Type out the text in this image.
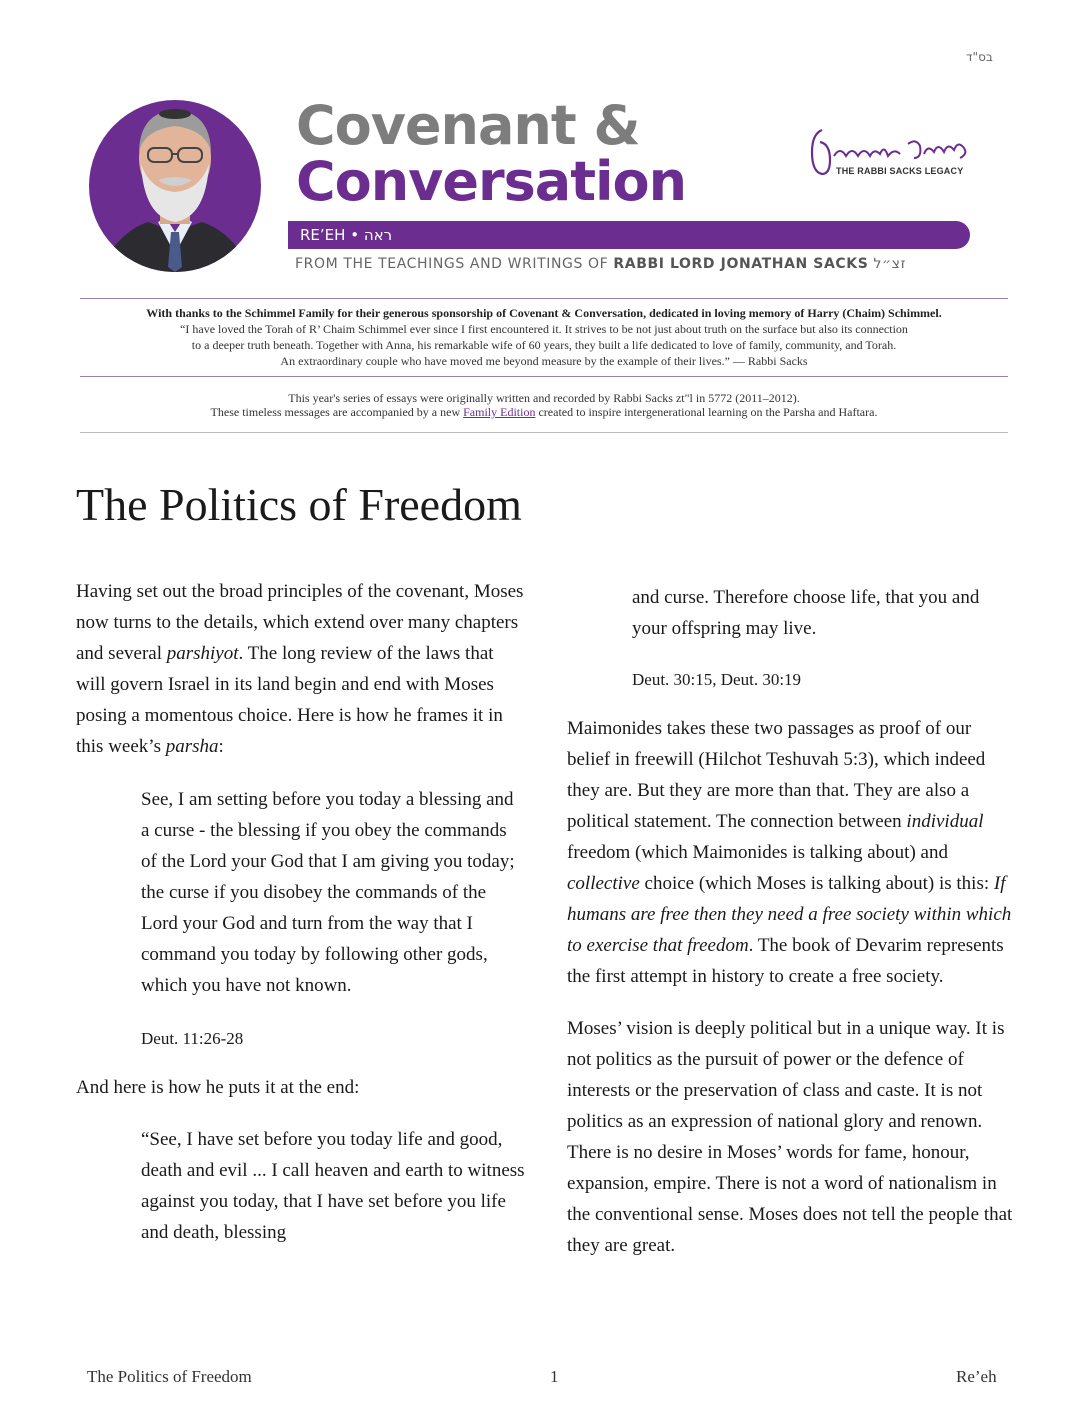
בס"ד
Covenant &
Conversation	THE RABBI SACKS LEGACY
RE’EH • ראה
FROM THE TEACHINGS AND WRITINGS OF RABBI LORD JONATHAN SACKS זצ״ל
With thanks to the Schimmel Family for their generous sponsorship of Covenant & Conversation, dedicated in loving memory of Harry (Chaim) Schimmel.
“I have loved the Torah of R’ Chaim Schimmel ever since I first encountered it. It strives to be not just about truth on the surface but also its connection
to a deeper truth beneath. Together with Anna, his remarkable wife of 60 years, they built a life dedicated to love of family, community, and Torah.
An extraordinary couple who have moved me beyond measure by the example of their lives.” — Rabbi Sacks
This year's series of essays were originally written and recorded by Rabbi Sacks zt"l in 5772 (2011–2012).
These timeless messages are accompanied by a new Family Edition created to inspire intergenerational learning on the Parsha and Haftara.
The Politics of Freedom

Having set out the broad principles of the covenant, Moses now turns to the details, which extend over many chapters and several parshiyot. The long review of the laws that will govern Israel in its land begin and end with Moses posing a momentous choice. Here is how he frames it in this week’s parsha:

See, I am setting before you today a blessing and a curse - the blessing if you obey the commands of the Lord your God that I am giving you today; the curse if you disobey the commands of the Lord your God and turn from the way that I command you today by following other gods, which you have not known.

Deut. 11:26-28

And here is how he puts it at the end:

“See, I have set before you today life and good, death and evil ... I call heaven and earth to witness against you today, that I have set before you life and death, blessing

and curse. Therefore choose life, that you and your offspring may live.

Deut. 30:15, Deut. 30:19

Maimonides takes these two passages as proof of our belief in freewill (Hilchot Teshuvah 5:3), which indeed they are. But they are more than that. They are also a political statement. The connection between individual freedom (which Maimonides is talking about) and collective choice (which Moses is talking about) is this: If humans are free then they need a free society within which to exercise that freedom. The book of Devarim represents the first attempt in history to create a free society.

Moses’ vision is deeply political but in a unique way. It is not politics as the pursuit of power or the defence of interests or the preservation of class and caste. It is not politics as an expression of national glory and renown. There is no desire in Moses’ words for fame, honour, expansion, empire. There is not a word of nationalism in the conventional sense. Moses does not tell the people that they are great.

The Politics of Freedom	1	Re’eh
